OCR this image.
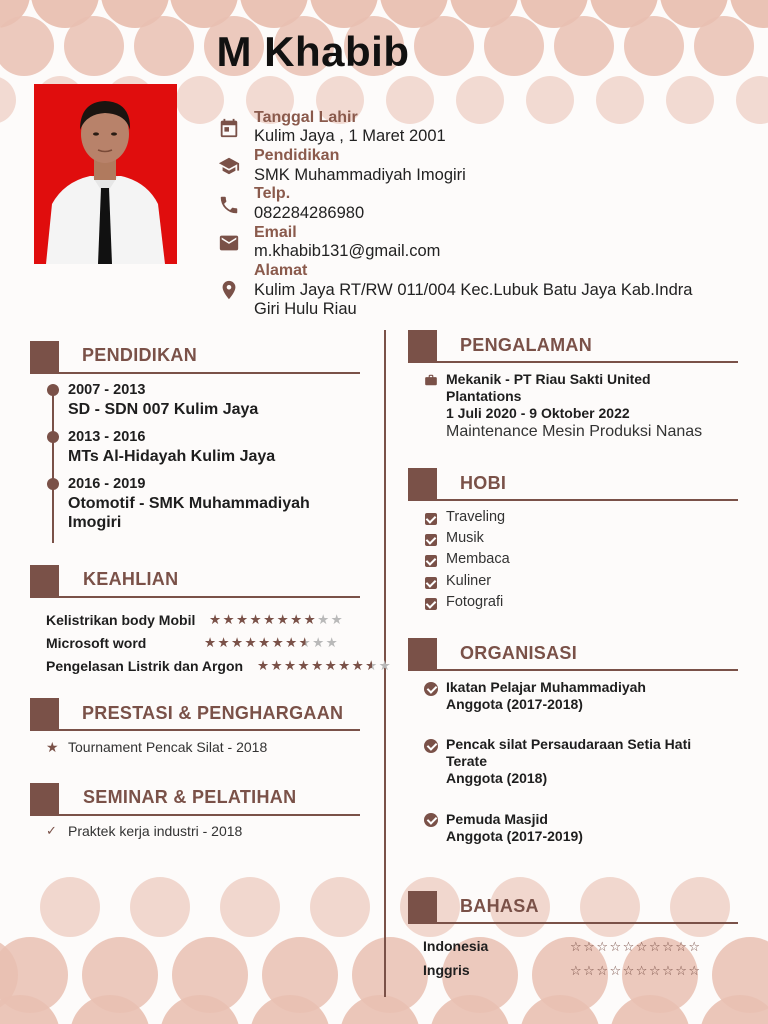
M Khabib
Tanggal Lahir
Kulim Jaya , 1 Maret 2001
Pendidikan
SMK Muhammadiyah Imogiri
Telp.
082284286980
Email
m.khabib131@gmail.com
Alamat
Kulim Jaya RT/RW 011/004 Kec.Lubuk Batu Jaya Kab.Indra
Giri Hulu Riau
PENDIDIKAN
2007 - 2013
SD - SDN 007 Kulim Jaya
2013 - 2016
MTs Al-Hidayah Kulim Jaya
2016 - 2019
Otomotif - SMK Muhammadiyah
Imogiri
KEAHLIAN
Kelistrikan body Mobil ★★★★★★★★★★
Microsoft word	★★★★★★★★★★
Pengelasan Listrik dan Argon ★★★★★★★★★★
PRESTASI & PENGHARGAAN
★ Tournament Pencak Silat - 2018
SEMINAR & PELATIHAN
✓ Praktek kerja industri - 2018
PENGALAMAN
Mekanik - PT Riau Sakti United
Plantations
1 Juli 2020 - 9 Oktober 2022
Maintenance Mesin Produksi Nanas
HOBI
Traveling
Musik
Membaca
Kuliner
Fotografi
ORGANISASI
Ikatan Pelajar Muhammadiyah
Anggota (2017-2018)
Pencak silat Persaudaraan Setia Hati
Terate
Anggota (2018)
Pemuda Masjid
Anggota (2017-2019)
BAHASA
Indonesia	☆☆☆☆☆☆☆☆☆☆
Inggris	☆☆☆☆☆☆☆☆☆☆
